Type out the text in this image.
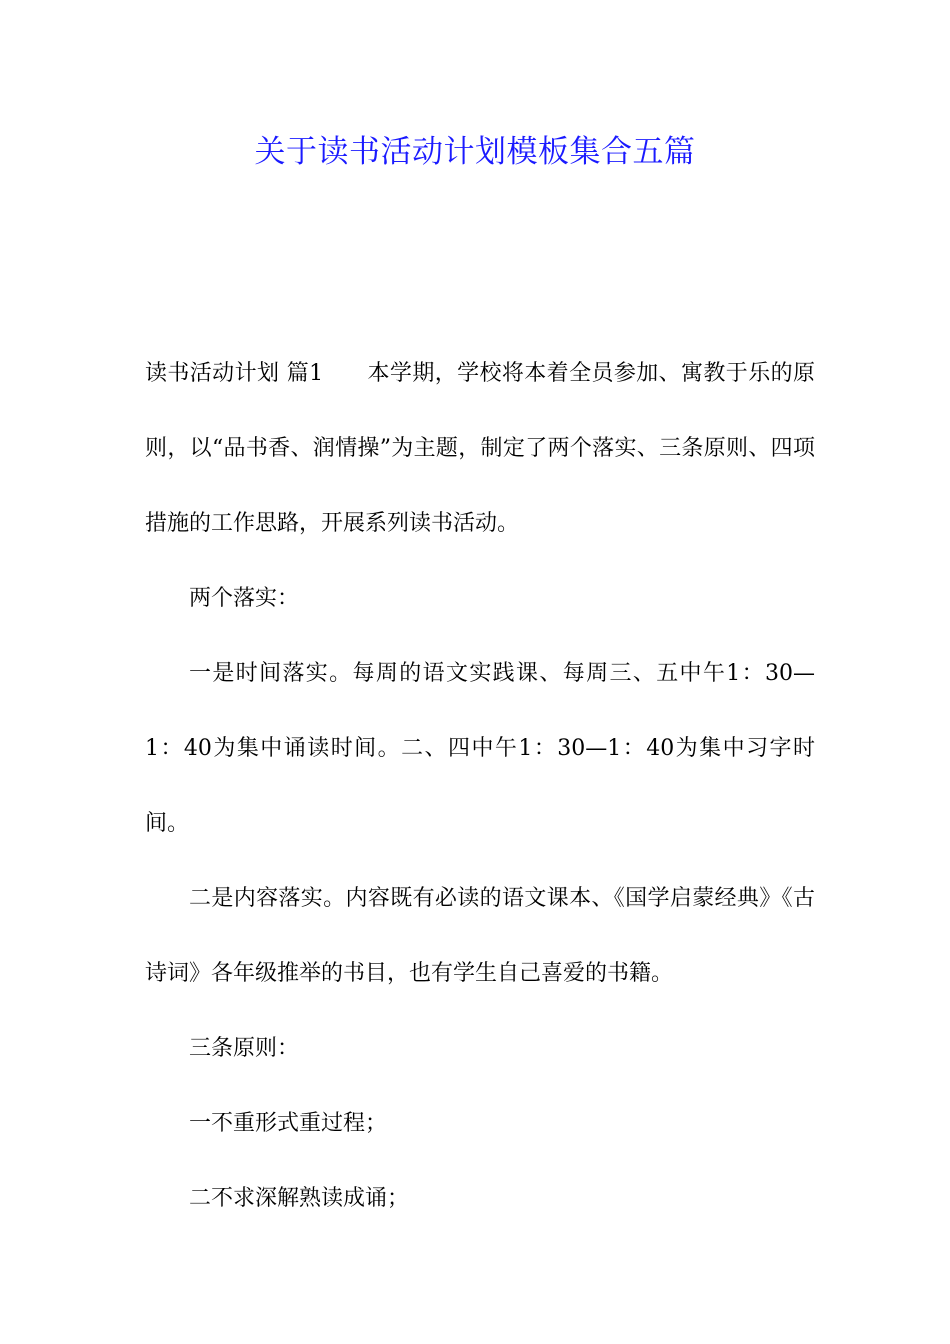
关于读书活动计划模板集合五篇

读书活动计划 篇1 本学期，学校将本着全员参加、寓教于乐的原则，以“品书香、润情操”为主题，制定了两个落实、三条原则、四项措施的工作思路，开展系列读书活动。

两个落实：

一是时间落实。每周的语文实践课、每周三、五中午1：30—1：40为集中诵读时间。二、四中午1：30—1：40为集中习字时间。

二是内容落实。内容既有必读的语文课本、《国学启蒙经典》《古诗词》各年级推举的书目，也有学生自己喜爱的书籍。

三条原则：

一不重形式重过程；

二不求深解熟读成诵；
